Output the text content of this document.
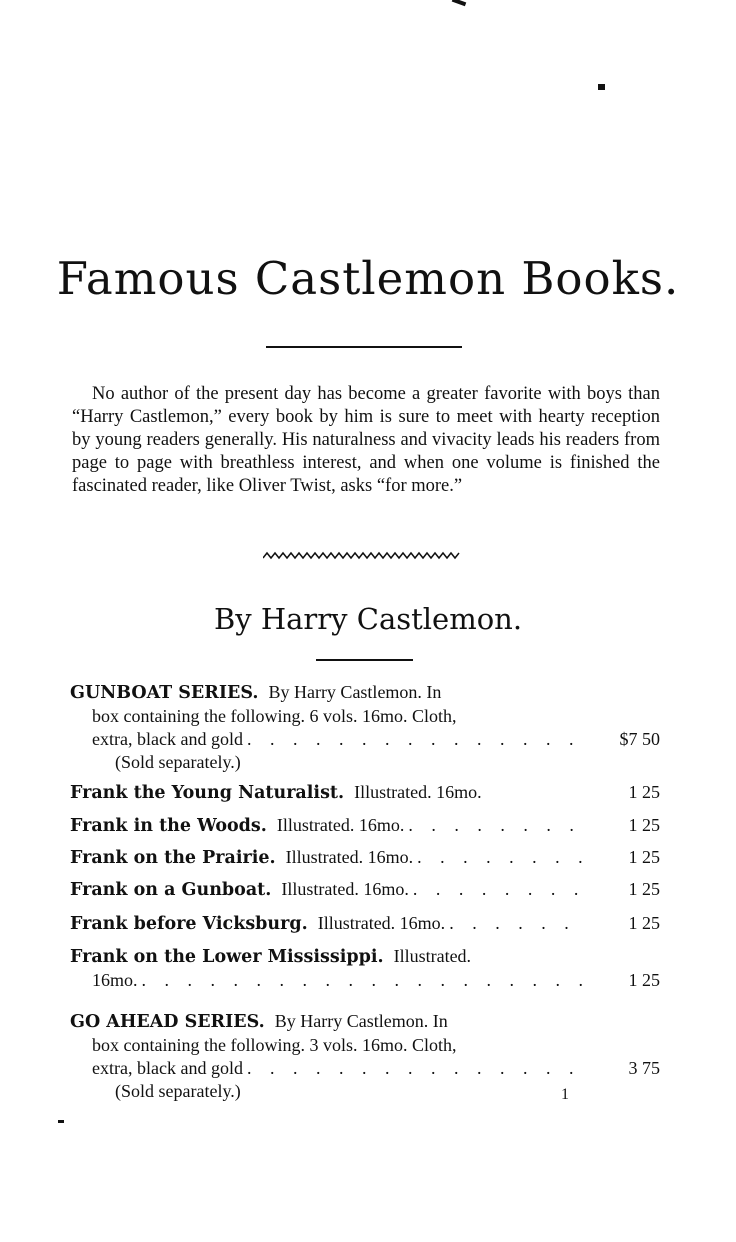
Famous Castlemon Books.
No author of the present day has become a greater favorite with boys than “Harry Castlemon,” every book by him is sure to meet with hearty reception by young readers generally. His naturalness and vivacity leads his readers from page to page with breathless interest, and when one volume is finished the fascinated reader, like Oliver Twist, asks “for more.”
By Harry Castlemon.
GUNBOAT SERIES. By Harry Castlemon. In
box containing the following. 6 vols. 16mo. Cloth,
extra, black and gold . . .	$7 50
(Sold separately.)
Frank the Young Naturalist. Illustrated. 16mo.	1 25
Frank in the Woods. Illustrated. 16mo. . . .	1 25
Frank on the Prairie. Illustrated. 16mo. . . .	1 25
Frank on a Gunboat. Illustrated. 16mo. . . .	1 25
Frank before Vicksburg. Illustrated. 16mo. . . .	1 25
Frank on the Lower Mississippi. Illustrated.
16mo. . . .	1 25
GO AHEAD SERIES. By Harry Castlemon. In
box containing the following. 3 vols. 16mo. Cloth,
extra, black and gold . . .	3 75
(Sold separately.)	1
